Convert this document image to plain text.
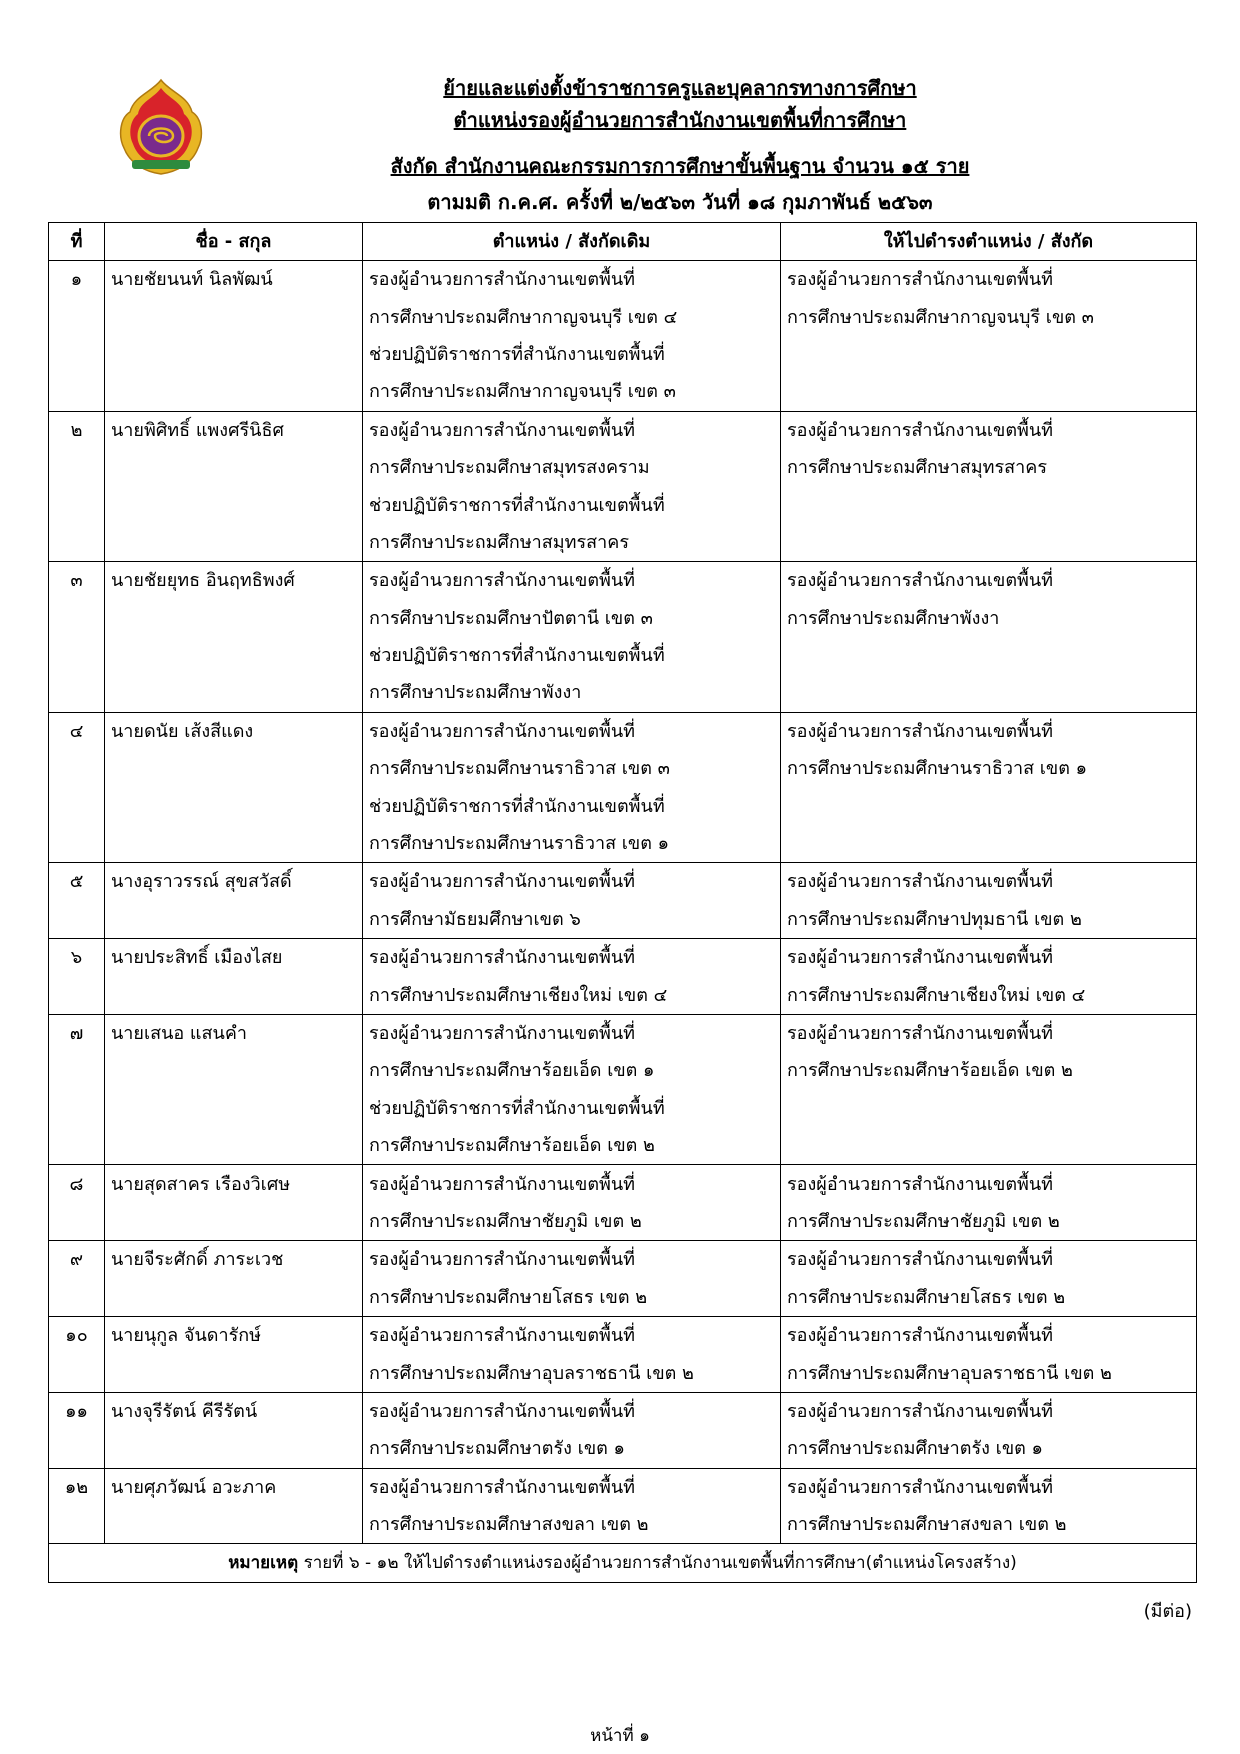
ย้ายและแต่งตั้งข้าราชการครูและบุคลากรทางการศึกษา
ตำแหน่งรองผู้อำนวยการสำนักงานเขตพื้นที่การศึกษา
สังกัด สำนักงานคณะกรรมการการศึกษาขั้นพื้นฐาน จำนวน ๑๕ ราย
ตามมติ ก.ค.ศ. ครั้งที่ ๒/๒๕๖๓ วันที่ ๑๘ กุมภาพันธ์ ๒๕๖๓
ที่	ชื่อ - สกุล	ตำแหน่ง / สังกัดเดิม	ให้ไปดำรงตำแหน่ง / สังกัด
๑	นายชัยนนท์ นิลพัฒน์	รองผู้อำนวยการสำนักงานเขตพื้นที่	รองผู้อำนวยการสำนักงานเขตพื้นที่
		การศึกษาประถมศึกษากาญจนบุรี เขต ๔	การศึกษาประถมศึกษากาญจนบุรี เขต ๓
		ช่วยปฏิบัติราชการที่สำนักงานเขตพื้นที่	
		การศึกษาประถมศึกษากาญจนบุรี เขต ๓	
๒	นายพิศิทธิ์ แพงศรีนิธิศ	รองผู้อำนวยการสำนักงานเขตพื้นที่	รองผู้อำนวยการสำนักงานเขตพื้นที่
		การศึกษาประถมศึกษาสมุทรสงคราม	การศึกษาประถมศึกษาสมุทรสาคร
		ช่วยปฏิบัติราชการที่สำนักงานเขตพื้นที่	
		การศึกษาประถมศึกษาสมุทรสาคร	
๓	นายชัยยุทธ อินฤทธิพงศ์	รองผู้อำนวยการสำนักงานเขตพื้นที่	รองผู้อำนวยการสำนักงานเขตพื้นที่
		การศึกษาประถมศึกษาปัตตานี เขต ๓	การศึกษาประถมศึกษาพังงา
		ช่วยปฏิบัติราชการที่สำนักงานเขตพื้นที่	
		การศึกษาประถมศึกษาพังงา	
๔	นายดนัย เส้งสีแดง	รองผู้อำนวยการสำนักงานเขตพื้นที่	รองผู้อำนวยการสำนักงานเขตพื้นที่
		การศึกษาประถมศึกษานราธิวาส เขต ๓	การศึกษาประถมศึกษานราธิวาส เขต ๑
		ช่วยปฏิบัติราชการที่สำนักงานเขตพื้นที่	
		การศึกษาประถมศึกษานราธิวาส เขต ๑	
๕	นางอุราวรรณ์ สุขสวัสดิ์	รองผู้อำนวยการสำนักงานเขตพื้นที่	รองผู้อำนวยการสำนักงานเขตพื้นที่
		การศึกษามัธยมศึกษาเขต ๖	การศึกษาประถมศึกษาปทุมธานี เขต ๒
๖	นายประสิทธิ์ เมืองไสย	รองผู้อำนวยการสำนักงานเขตพื้นที่	รองผู้อำนวยการสำนักงานเขตพื้นที่
		การศึกษาประถมศึกษาเชียงใหม่ เขต ๔	การศึกษาประถมศึกษาเชียงใหม่ เขต ๔
๗	นายเสนอ แสนคำ	รองผู้อำนวยการสำนักงานเขตพื้นที่	รองผู้อำนวยการสำนักงานเขตพื้นที่
		การศึกษาประถมศึกษาร้อยเอ็ด เขต ๑	การศึกษาประถมศึกษาร้อยเอ็ด เขต ๒
		ช่วยปฏิบัติราชการที่สำนักงานเขตพื้นที่	
		การศึกษาประถมศึกษาร้อยเอ็ด เขต ๒	
๘	นายสุดสาคร เรืองวิเศษ	รองผู้อำนวยการสำนักงานเขตพื้นที่	รองผู้อำนวยการสำนักงานเขตพื้นที่
		การศึกษาประถมศึกษาชัยภูมิ เขต ๒	การศึกษาประถมศึกษาชัยภูมิ เขต ๒
๙	นายจีระศักดิ์ ภาระเวช	รองผู้อำนวยการสำนักงานเขตพื้นที่	รองผู้อำนวยการสำนักงานเขตพื้นที่
		การศึกษาประถมศึกษายโสธร เขต ๒	การศึกษาประถมศึกษายโสธร เขต ๒
๑๐	นายนุกูล จันดารักษ์	รองผู้อำนวยการสำนักงานเขตพื้นที่	รองผู้อำนวยการสำนักงานเขตพื้นที่
		การศึกษาประถมศึกษาอุบลราชธานี เขต ๒	การศึกษาประถมศึกษาอุบลราชธานี เขต ๒
๑๑	นางจุรีรัตน์ คีรีรัตน์	รองผู้อำนวยการสำนักงานเขตพื้นที่	รองผู้อำนวยการสำนักงานเขตพื้นที่
		การศึกษาประถมศึกษาตรัง เขต ๑	การศึกษาประถมศึกษาตรัง เขต ๑
๑๒	นายศุภวัฒน์ อวะภาค	รองผู้อำนวยการสำนักงานเขตพื้นที่	รองผู้อำนวยการสำนักงานเขตพื้นที่
		การศึกษาประถมศึกษาสงขลา เขต ๒	การศึกษาประถมศึกษาสงขลา เขต ๒
หมายเหตุ รายที่ ๖ - ๑๒ ให้ไปดำรงตำแหน่งรองผู้อำนวยการสำนักงานเขตพื้นที่การศึกษา(ตำแหน่งโครงสร้าง)			
(มีต่อ)
หน้าที่ ๑
